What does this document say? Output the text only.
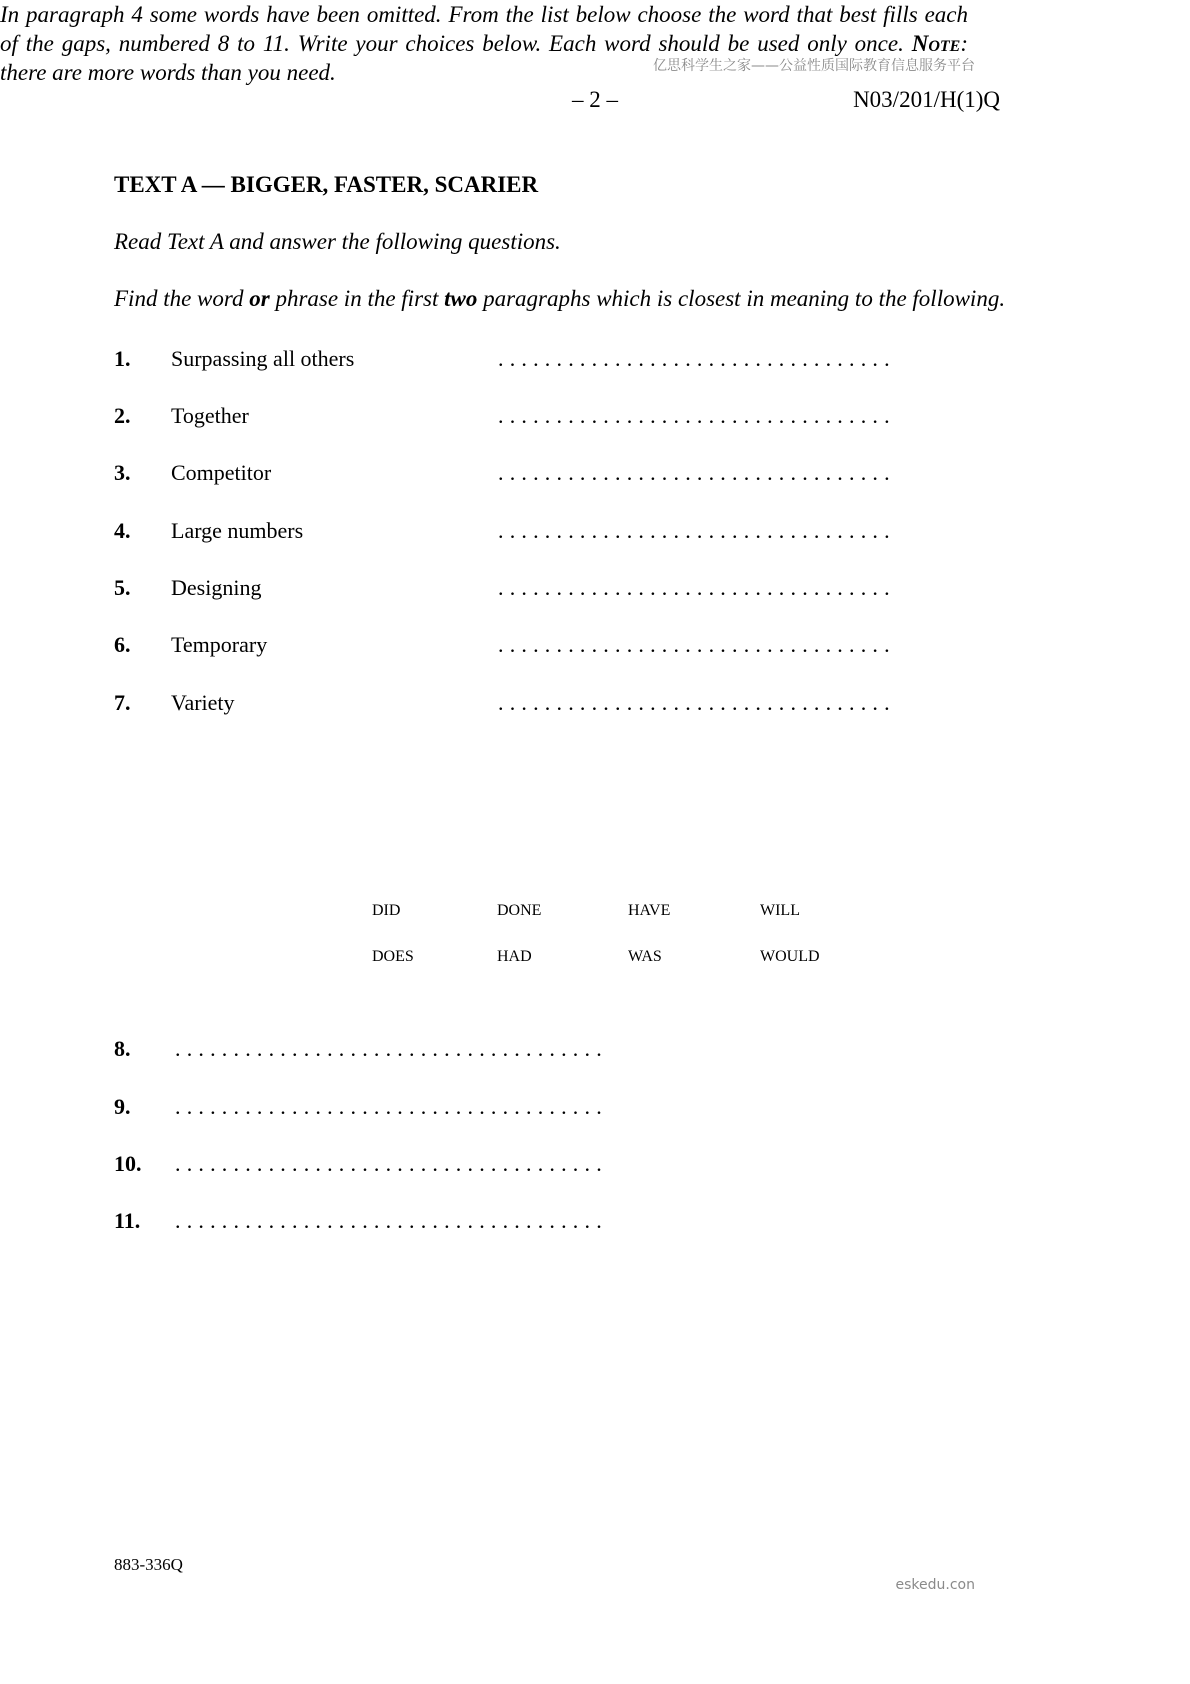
亿思科学生之家——公益性质国际教育信息服务平台
– 2 –	N03/201/H(1)Q
TEXT A — BIGGER, FASTER, SCARIER
Read Text A and answer the following questions.
Find the word or phrase in the first two paragraphs which is closest in meaning to the following.
1. Surpassing all others	..................................
2. Together	..................................
3. Competitor	..................................
4. Large numbers	..................................
5. Designing	..................................
6. Temporary	..................................
7. Variety	..................................
In paragraph 4 some words have been omitted. From the list below choose the word that best fills each of the gaps, numbered 8 to 11. Write your choices below. Each word should be used only once. Note: there are more words than you need.
DID	DONE	HAVE	WILL
DOES	HAD	WAS	WOULD
8. .....................................
9. .....................................
10. .....................................
11. .....................................
883-336Q
eskedu.con
